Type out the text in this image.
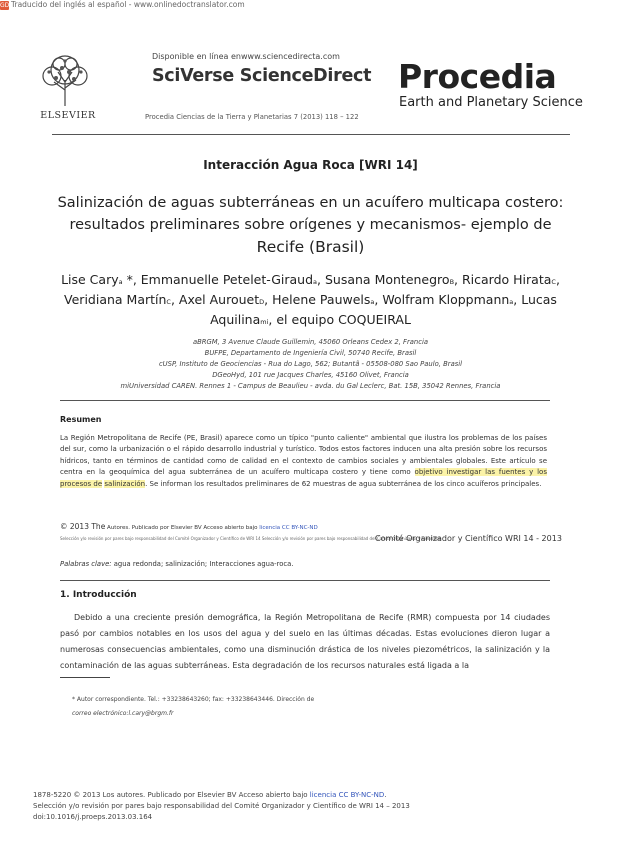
GD Traducido del inglés al español - www.onlinedoctranslator.com
ELSEVIER
Disponible en línea enwww.sciencedirecta.com
SciVerse ScienceDirect
Procedia Ciencias de la Tierra y Planetarias 7 (2013) 118 – 122
Procedia
Earth and Planetary Science
Interacción Agua Roca [WRI 14]
Salinización de aguas subterráneas en un acuífero multicapa costero:
resultados preliminares sobre orígenes y mecanismos- ejemplo de
Recife (Brasil)
Lise Carya *, Emmanuelle Petelet-Girauda, Susana MontenegroB, Ricardo HirataC,
Veridiana MartínC, Axel AurouetD, Helene Pauwelsa, Wolfram Kloppmanna, Lucas
Aquilinami, el equipo COQUEIRAL
aBRGM, 3 Avenue Claude Guillemin, 45060 Orleans Cedex 2, Francia
BUFPE, Departamento de Ingeniería Civil, 50740 Recife, Brasil
cUSP, Instituto de Geociencias - Rua do Lago, 562; Butantã - 05508-080 Sao Paulo, Brasil
DGeoHyd, 101 rue Jacques Charles, 45160 Olivet, Francia
miUniversidad CAREN. Rennes 1 - Campus de Beaulieu - avda. du Gal Leclerc, Bat. 15B, 35042 Rennes, Francia
Resumen
La Región Metropolitana de Recife (PE, Brasil) aparece como un típico "punto caliente" ambiental que ilustra los problemas de los países del sur, como la urbanización o el rápido desarrollo industrial y turístico. Todos estos factores inducen una alta presión sobre los recursos hídricos, tanto en términos de cantidad como de calidad en el contexto de cambios sociales y ambientales globales. Este artículo se centra en la geoquímica del agua subterránea de un acuífero multicapa costero y tiene como objetivo investigar las fuentes y los procesos de salinización. Se informan los resultados preliminares de 62 muestras de agua subterránea de los cinco acuíferos principales.
© 2013 The Autores. Publicado por Elsevier BV Acceso abierto bajo licencia CC BY-NC-ND
Selección y/o revisión por pares bajo responsabilidad del Comité Organizador y Científico de WRI 14 Selección y/o revisión por pares bajo responsabilidad del Comité Organizador y Científico
Comité Organizador y Científico WRI 14 - 2013
Palabras clave: agua redonda; salinización; Interacciones agua-roca.
1. Introducción
Debido a una creciente presión demográfica, la Región Metropolitana de Recife (RMR) compuesta por 14 ciudades pasó por cambios notables en los usos del agua y del suelo en las últimas décadas. Estas evoluciones dieron lugar a numerosas consecuencias ambientales, como una disminución drástica de los niveles piezométricos, la salinización y la contaminación de las aguas subterráneas. Esta degradación de los recursos naturales está ligada a la
* Autor correspondiente. Tel.: +33238643260; fax: +33238643446. Dirección de
correo electrónico:l.cary@brgm.fr
1878-5220 © 2013 Los autores. Publicado por Elsevier BV Acceso abierto bajo licencia CC BY-NC-ND.
Selección y/o revisión por pares bajo responsabilidad del Comité Organizador y Científico de WRI 14 – 2013
doi:10.1016/j.proeps.2013.03.164
